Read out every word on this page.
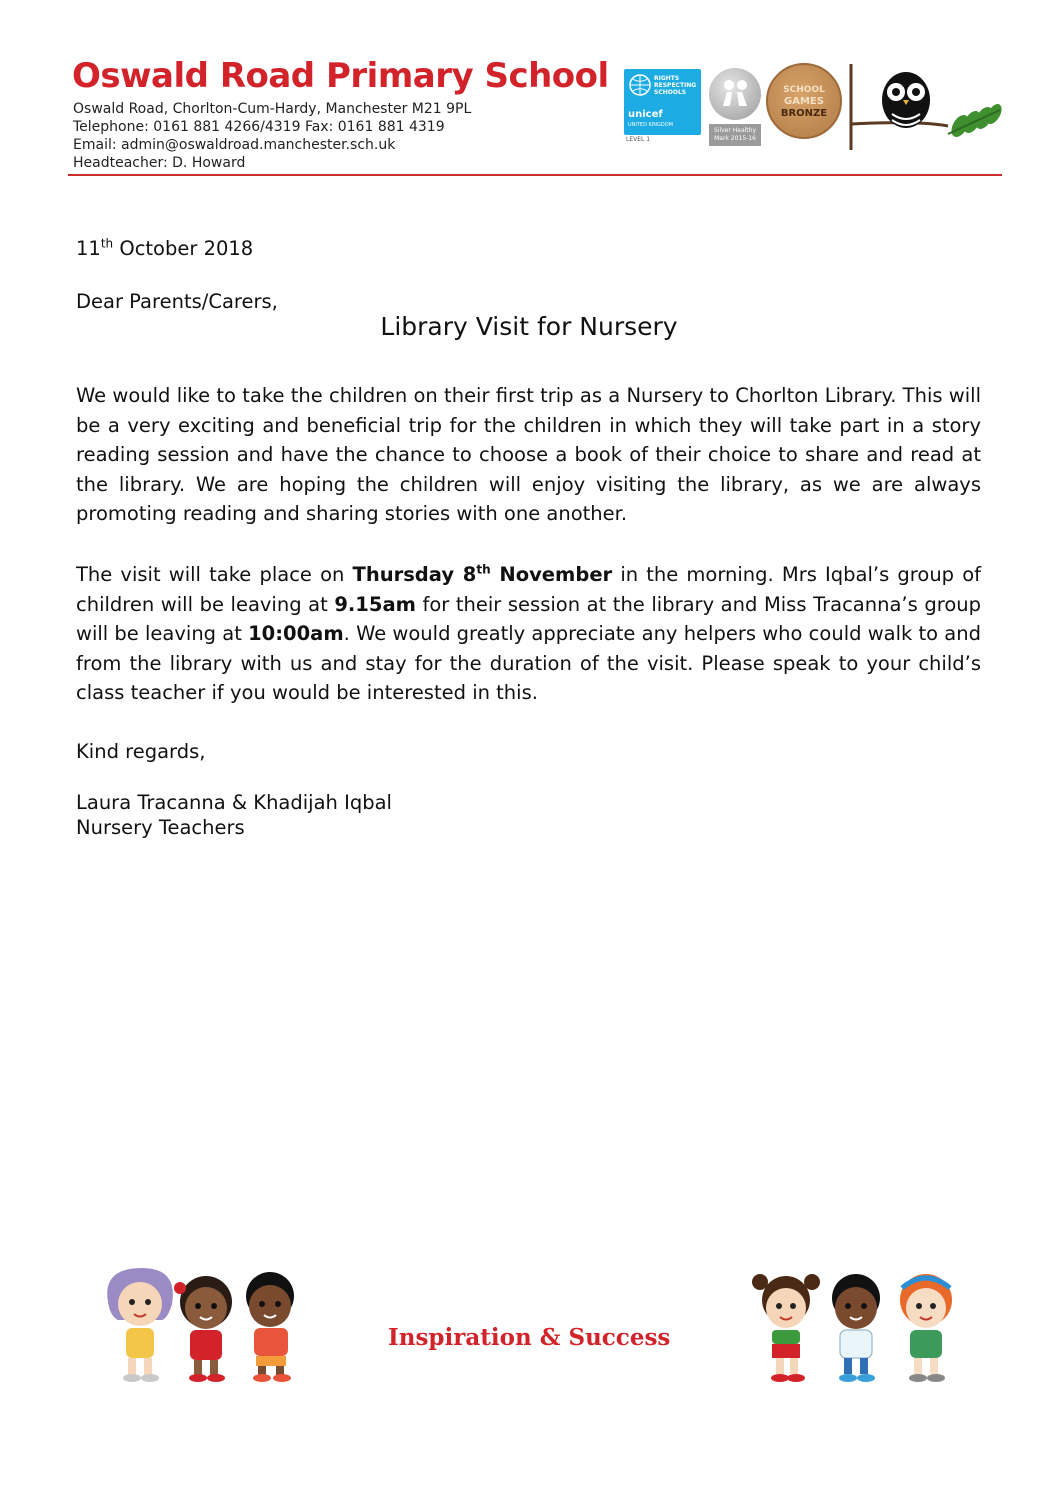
Oswald Road Primary School
Oswald Road, Chorlton-Cum-Hardy, Manchester M21 9PL
Telephone: 0161 881 4266/4319 Fax: 0161 881 4319
Email: admin@oswaldroad.manchester.sch.uk
Headteacher: D. Howard
RIGHTS RESPECTING SCHOOLS
unicef
UNITED KINGDOM
LEVEL 1
Silver Healthy Mark 2015-16
SCHOOL
GAMES
BRONZE
11th October 2018
Dear Parents/Carers,
Library Visit for Nursery

We would like to take the children on their first trip as a Nursery to Chorlton Library. This will be a very exciting and beneficial trip for the children in which they will take part in a story reading session and have the chance to choose a book of their choice to share and read at the library. We are hoping the children will enjoy visiting the library, as we are always promoting reading and sharing stories with one another.

The visit will take place on Thursday 8th November in the morning. Mrs Iqbal’s group of children will be leaving at 9.15am for their session at the library and Miss Tracanna’s group will be leaving at 10:00am. We would greatly appreciate any helpers who could walk to and from the library with us and stay for the duration of the visit. Please speak to your child’s class teacher if you would be interested in this.

Kind regards,
Laura Tracanna & Khadijah Iqbal
Nursery Teachers
Inspiration & Success
